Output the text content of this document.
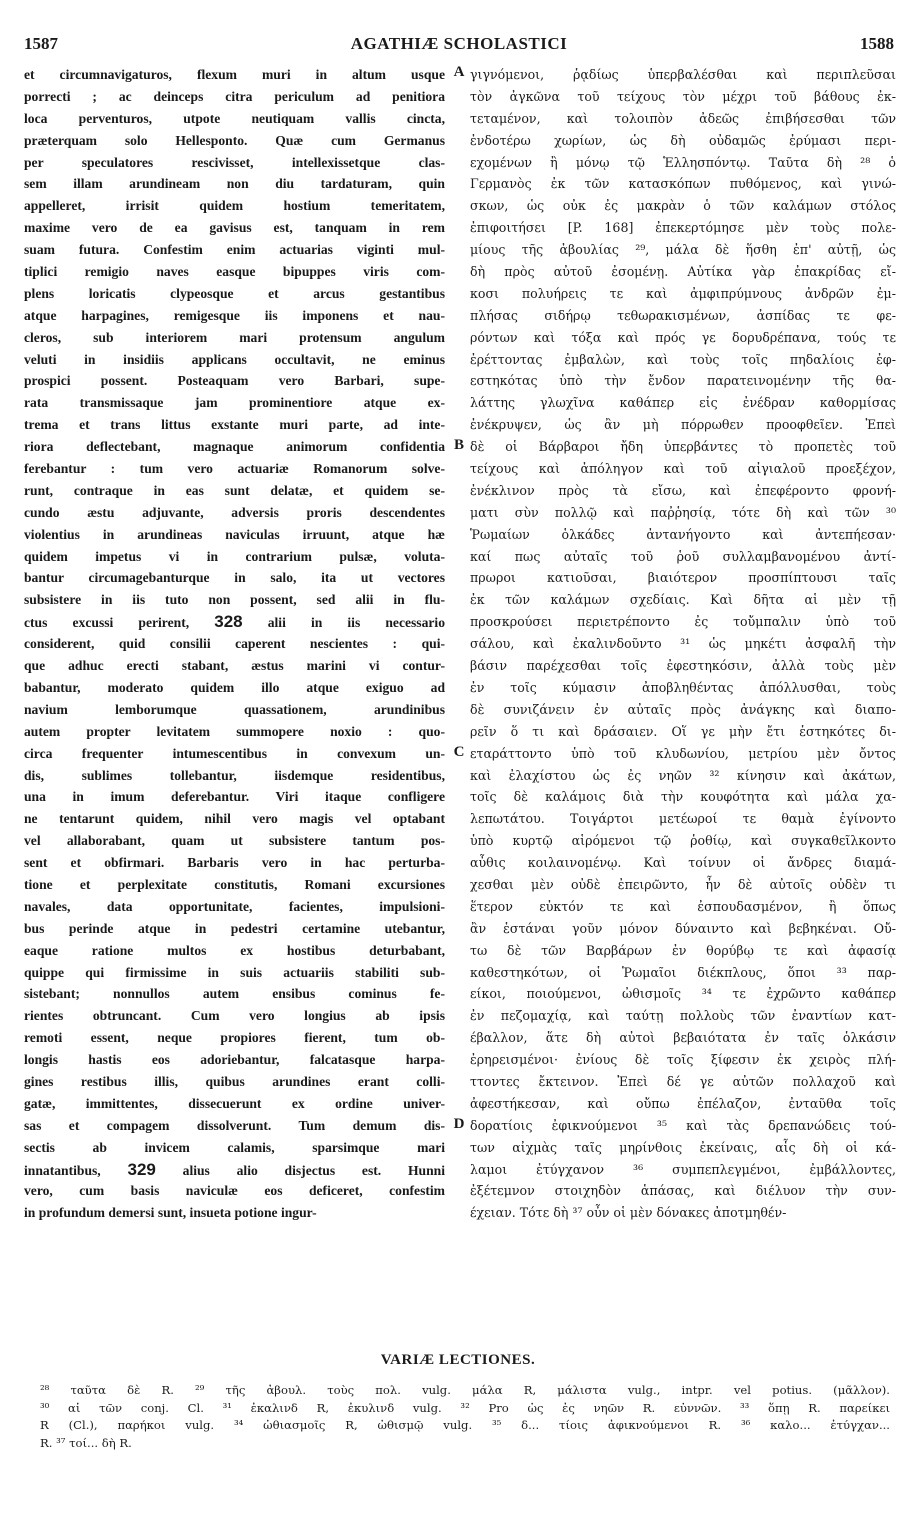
1587	AGATHIÆ SCHOLASTICI	1588
A
B
C
D
et circumnavigaturos, flexum muri in altum usque
porrecti ; ac deinceps citra periculum ad penitiora
loca perventuros, utpote neutiquam vallis cincta,
præterquam solo Hellesponto. Quæ cum Germanus
per speculatores rescivisset, intellexissetque clas-
sem illam arundineam non diu tardaturam, quin
appelleret, irrisit quidem hostium temeritatem,
maxime vero de ea gavisus est, tanquam in rem
suam futura. Confestim enim actuarias viginti mul-
tiplici remigio naves easque bipuppes viris com-
plens loricatis clypeosque et arcus gestantibus
atque harpagines, remigesque iis imponens et nau-
cleros, sub interiorem mari protensum angulum
veluti in insidiis applicans occultavit, ne eminus
prospici possent. Posteaquam vero Barbari, supe-
rata transmissaque jam prominentiore atque ex-
trema et trans littus exstante muri parte, ad inte-
riora deflectebant, magnaque animorum confidentia
ferebantur : tum vero actuariæ Romanorum solve-
runt, contraque in eas sunt delatæ, et quidem se-
cundo æstu adjuvante, adversis proris descendentes
violentius in arundineas naviculas irruunt, atque hæ
quidem impetus vi in contrarium pulsæ, voluta-
bantur circumagebanturque in salo, ita ut vectores
subsistere in iis tuto non possent, sed alii in flu-
ctus excussi perirent, 328 alii in iis necessario
considerent, quid consilii caperent nescientes : qui-
que adhuc erecti stabant, æstus marini vi contur-
babantur, moderato quidem illo atque exiguo ad
navium lemborumque quassationem, arundinibus
autem propter levitatem summopere noxio : quo-
circa frequenter intumescentibus in convexum un-
dis, sublimes tollebantur, iisdemque residentibus,
una in imum deferebantur. Viri itaque confligere
ne tentarunt quidem, nihil vero magis vel optabant
vel allaborabant, quam ut subsistere tantum pos-
sent et obfirmari. Barbaris vero in hac perturba-
tione et perplexitate constitutis, Romani excursiones
navales, data opportunitate, facientes, impulsioni-
bus perinde atque in pedestri certamine utebantur,
eaque ratione multos ex hostibus deturbabant,
quippe qui firmissime in suis actuariis stabiliti sub-
sistebant; nonnullos autem ensibus cominus fe-
rientes obtruncant. Cum vero longius ab ipsis
remoti essent, neque propiores fierent, tum ob-
longis hastis eos adoriebantur, falcatasque harpa-
gines restibus illis, quibus arundines erant colli-
gatæ, immittentes, dissecuerunt ex ordine univer-
sas et compagem dissolverunt. Tum demum dis-
sectis ab invicem calamis, sparsimque mari
innatantibus, 329 alius alio disjectus est. Hunni
vero, cum basis naviculæ eos deficeret, confestim
in profundum demersi sunt, insueta potione ingur-
γιγνόμενοι, ῥᾳδίως ὑπερβαλέσθαι καὶ περιπλεῦσαι
τὸν ἀγκῶνα τοῦ τείχους τὸν μέχρι τοῦ βάθους ἐκ-
τεταμένον, καὶ τολοιπὸν ἀδεῶς ἐπιβήσεσθαι τῶν
ἐνδοτέρω χωρίων, ὡς δὴ οὐδαμῶς ἐρύμασι περι-
εχομένων ἢ μόνῳ τῷ Ἑλλησπόντῳ. Ταῦτα δὴ ²⁸ ὁ
Γερμανὸς ἐκ τῶν κατασκόπων πυθόμενος, καὶ γινώ-
σκων, ὡς οὐκ ἐς μακρὰν ὁ τῶν καλάμων στόλος
ἐπιφοιτήσει [P. 168] ἐπεκερτόμησε μὲν τοὺς πολε-
μίους τῆς ἀβουλίας ²⁹, μάλα δὲ ἥσθη ἐπ' αὐτῇ, ὡς
δὴ πρὸς αὐτοῦ ἐσομένῃ. Αὐτίκα γὰρ ἐπακρίδας εἴ-
κοσι πολυήρεις τε καὶ ἀμφιπρύμνους ἀνδρῶν ἐμ-
πλήσας σιδήρῳ τεθωρακισμένων, ἀσπίδας τε φε-
ρόντων καὶ τόξα καὶ πρός γε δορυδρέπανα, τούς τε
ἐρέττοντας ἐμβαλὼν, καὶ τοὺς τοῖς πηδαλίοις ἐφ-
εστηκότας ὑπὸ τὴν ἔνδον παρατεινομένην τῆς θα-
λάττης γλωχῖνα καθάπερ εἰς ἐνέδραν καθορμίσας
ἐνέκρυψεν, ὡς ἂν μὴ πόρρωθεν προοφθεῖεν. Ἐπεὶ
δὲ οἱ Βάρβαροι ἤδη ὑπερβάντες τὸ προπετὲς τοῦ
τείχους καὶ ἀπόληγον καὶ τοῦ αἰγιαλοῦ προεξέχον,
ἐνέκλινον πρὸς τὰ εἴσω, καὶ ἐπεφέροντο φρονή-
ματι σὺν πολλῷ καὶ παῤῥησίᾳ, τότε δὴ καὶ τῶν ³⁰
Ῥωμαίων ὁλκάδες ἀντανήγοντο καὶ ἀντεπήεσαν·
καί πως αὐταῖς τοῦ ῥοῦ συλλαμβανομένου ἀντί-
πρωροι κατιοῦσαι, βιαιότερον προσπίπτουσι ταῖς
ἐκ τῶν καλάμων σχεδίαις. Καὶ δῆτα αἱ μὲν τῇ
προσκρούσει περιετρέποντο ἐς τοὔμπαλιν ὑπὸ τοῦ
σάλου, καὶ ἐκαλινδοῦντο ³¹ ὡς μηκέτι ἀσφαλῆ τὴν
βάσιν παρέχεσθαι τοῖς ἐφεστηκόσιν, ἀλλὰ τοὺς μὲν
ἐν τοῖς κύμασιν ἀποβληθέντας ἀπόλλυσθαι, τοὺς
δὲ συνιζάνειν ἐν αὐταῖς πρὸς ἀνάγκης καὶ διαπο-
ρεῖν ὅ τι καὶ δράσαιεν. Οἵ γε μὴν ἔτι ἑστηκότες δι-
εταράττοντο ὑπὸ τοῦ κλυδωνίου, μετρίου μὲν ὄντος
καὶ ἐλαχίστου ὡς ἐς νηῶν ³² κίνησιν καὶ ἀκάτων,
τοῖς δὲ καλάμοις διὰ τὴν κουφότητα καὶ μάλα χα-
λεπωτάτου. Τοιγάρτοι μετέωροί τε θαμὰ ἐγίνοντο
ὑπὸ κυρτῷ αἱρόμενοι τῷ ῥοθίῳ, καὶ συγκαθεῖλκοντο
αὖθις κοιλαινομένῳ. Καὶ τοίνυν οἱ ἄνδρες διαμά-
χεσθαι μὲν οὐδὲ ἐπειρῶντο, ἦν δὲ αὐτοῖς οὐδὲν τι
ἕτερον εὐκτόν τε καὶ ἐσπουδασμένον, ἢ ὅπως
ἂν ἑστάναι γοῦν μόνον δύναιντο καὶ βεβηκέναι. Οὔ-
τω δὲ τῶν Βαρβάρων ἐν θορύβῳ τε καὶ ἀφασίᾳ
καθεστηκότων, οἱ Ῥωμαῖοι διέκπλους, ὅποι ³³ παρ-
είκοι, ποιούμενοι, ὠθισμοῖς ³⁴ τε ἐχρῶντο καθάπερ
ἐν πεζομαχίᾳ, καὶ ταύτῃ πολλοὺς τῶν ἐναντίων κατ-
έβαλλον, ἅτε δὴ αὐτοὶ βεβαιότατα ἐν ταῖς ὁλκάσιν
ἐρηρεισμένοι· ἐνίους δὲ τοῖς ξίφεσιν ἐκ χειρὸς πλή-
ττοντες ἔκτεινον. Ἐπεὶ δέ γε αὐτῶν πολλαχοῦ καὶ
ἀφεστήκεσαν, καὶ οὔπω ἐπέλαζον, ἐνταῦθα τοῖς
δορατίοις ἐφικνούμενοι ³⁵ καὶ τὰς δρεπανώδεις τού-
των αἰχμὰς ταῖς μηρίνθοις ἐκείναις, αἷς δὴ οἱ κά-
λαμοι ἐτύγχανον ³⁶ συμπεπλεγμένοι, ἐμβάλλοντες,
ἐξέτεμνον στοιχηδὸν ἁπάσας, καὶ διέλυον τὴν συν-
έχειαν. Τότε δὴ ³⁷ οὖν οἱ μὲν δόνακες ἀποτμηθέν-
VARIÆ LECTIONES.
²⁸ ταῦτα δὲ R. ²⁹ τῆς ἀβουλ. τοὺς πολ. vulg. μάλα R, μάλιστα vulg., intpr. vel potius. (μᾶλλον).
³⁰ αἱ τῶν conj. Cl. ³¹ ἐκαλινδ R, ἐκυλινδ vulg. ³² Pro ὡς ἐς νηῶν R. εὐννῶν. ³³ ὅπῃ R. παρείκει
R (Cl.), παρήκοι vulg. ³⁴ ὠθιασμοῖς R, ὠθισμῷ vulg. ³⁵ δ... τίοις ἀφικνούμενοι R. ³⁶ καλο... ἐτύγχαν...
R. ³⁷ τοί... δὴ R.
